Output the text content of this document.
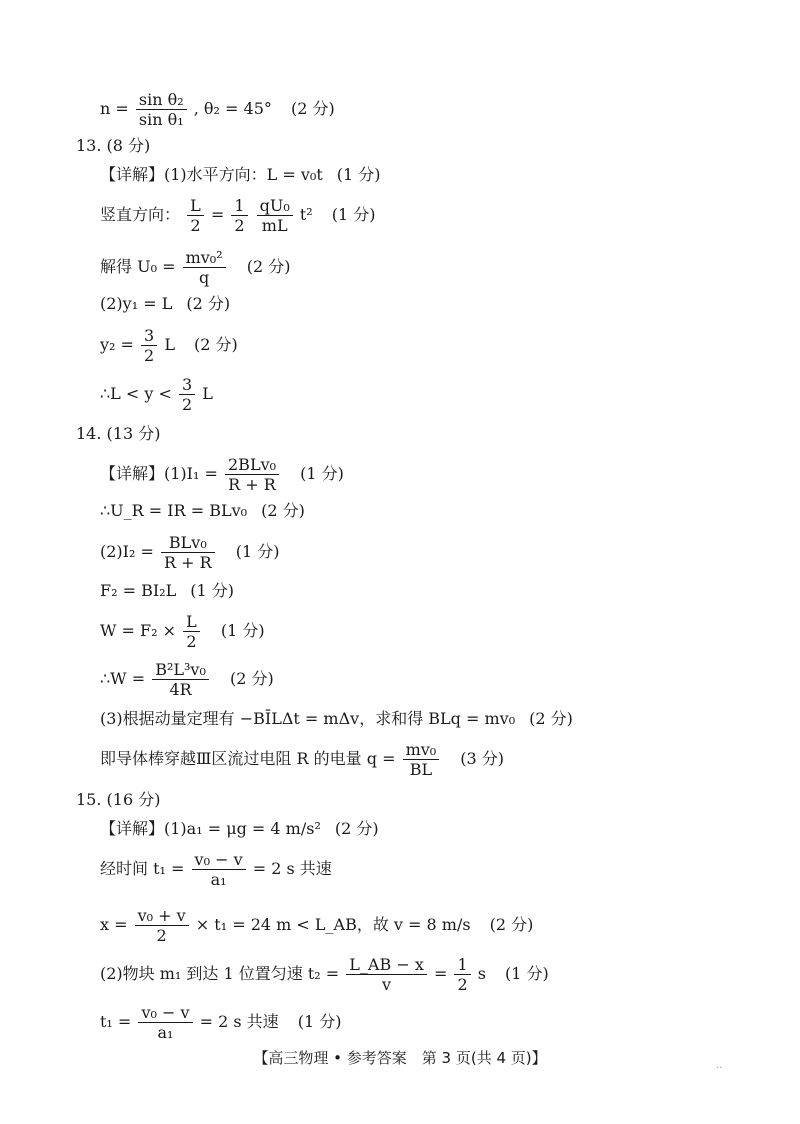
$n = \frac{\text{sin θ₂}}{\text{sin θ₁}}$ , θ₂ = 45° (2 分)
13. (8 分)
【详解】(1)水平方向：L = v₀t (1 分)
竖直方向： $\frac{L}{2} = \frac{1}{2}$
$\frac{\text{qU₀}}{mL} t^2$ (1 分)
解得 $U_0 = \frac{\text{mv₀²}}{q} (2$ 分)
(2)y₁ = L (2 分)
$y_2 = \frac{3}{2}$ L (2 分)
∴L < $y < \frac{3}{2}$ L
14. (13 分)
【详解】$(1)I_1 = \frac{\text{2BLv₀}}{R + R} (1$ 分)
∴U_R = IR = BLv₀ (2 分)
$(2)I_2 = \frac{\text{BLv₀}}{R + R} (1$ 分)
F₂ = BI₂L (1 分)
$W = F_2 \times \frac{L}{2} (1$ 分)
∴W = $\frac{\text{B²L³v₀}}{4R} (2$ 分)
(3)根据动量定理有 −BĪLΔt = mΔv，求和得 BLq = mv₀ (2 分)
即导体棒穿越Ⅲ区流过电阻 R 的电量 $q = \frac{\text{mv₀}}{BL} (3$ 分)
15. (16 分)
【详解】(1)a₁ = μg = 4 m/s² (2 分)
经时间 $t_1 = \frac{\text{v₀ − v}}{\text{a₁}} = 2$ s 共速
$x = \frac{\text{v₀ + v}}{2} \times t_1 = 24$ m < L_AB，故 v = 8 m/s (2 分)
(2)物块 m₁ 到达 1 位置匀速 $t_2 = \frac{L\_AB - x}{v} = \frac{1}{2}$ s (1 分)
$t_1 = \frac{\text{v₀ − v}}{\text{a₁}} = 2$ s 共速 (1 分)
【高三物理 • 参考答案　第 3 页(共 4 页)】	..
